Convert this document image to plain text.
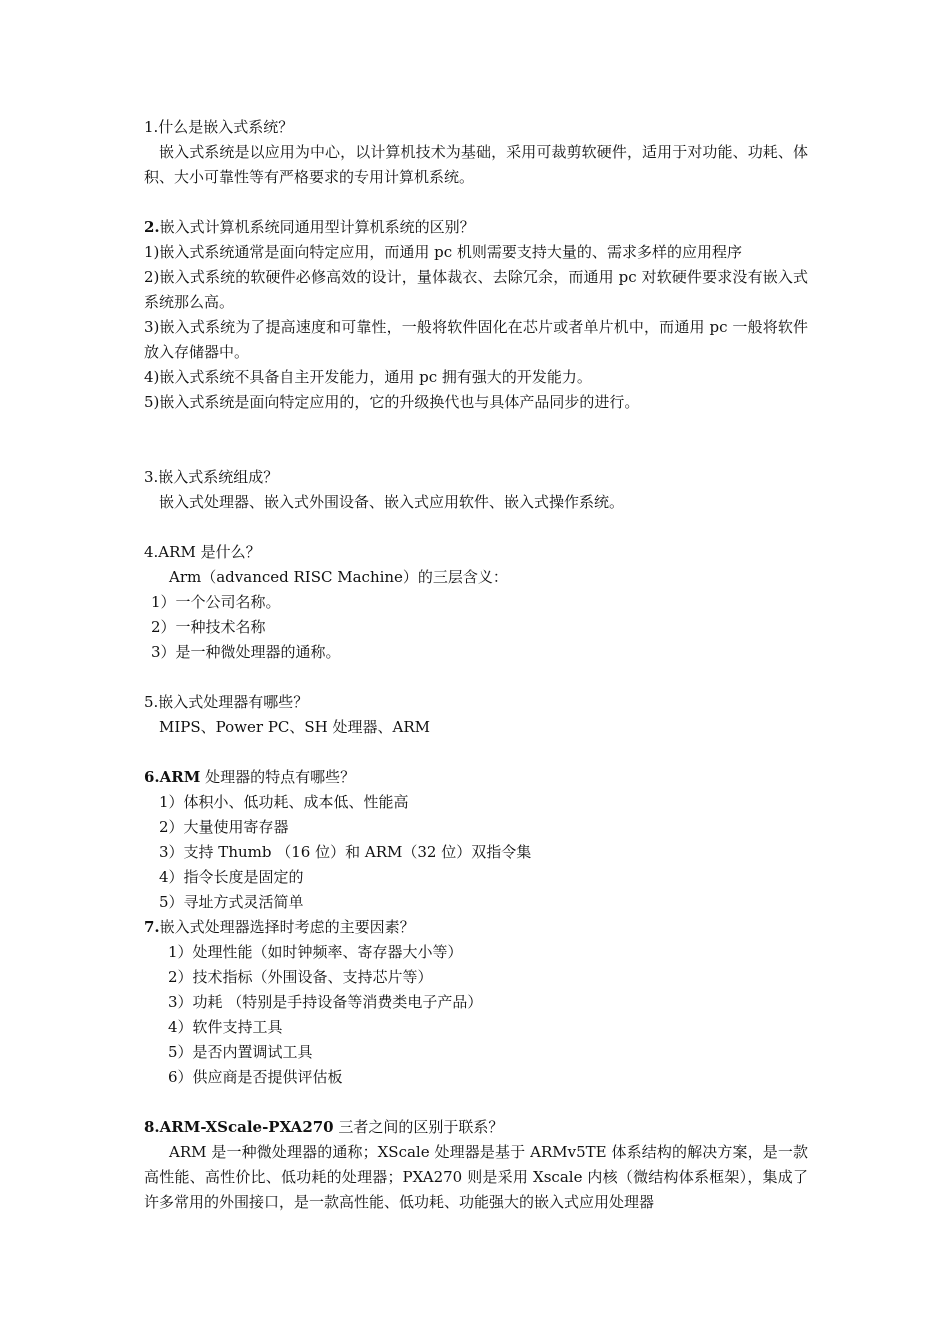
1.什么是嵌入式系统？
嵌入式系统是以应用为中心，以计算机技术为基础，采用可裁剪软硬件，适用于对功能、功耗、体积、大小可靠性等有严格要求的专用计算机系统。
2.嵌入式计算机系统同通用型计算机系统的区别？
1)嵌入式系统通常是面向特定应用，而通用 pc 机则需要支持大量的、需求多样的应用程序
2)嵌入式系统的软硬件必修高效的设计，量体裁衣、去除冗余，而通用 pc 对软硬件要求没有嵌入式系统那么高。
3)嵌入式系统为了提高速度和可靠性，一般将软件固化在芯片或者单片机中，而通用 pc 一般将软件放入存储器中。
4)嵌入式系统不具备自主开发能力，通用 pc 拥有强大的开发能力。
5)嵌入式系统是面向特定应用的，它的升级换代也与具体产品同步的进行。
3.嵌入式系统组成？
嵌入式处理器、嵌入式外围设备、嵌入式应用软件、嵌入式操作系统。
4.ARM 是什么？
Arm（advanced RISC Machine）的三层含义：
1）一个公司名称。
2）一种技术名称
3）是一种微处理器的通称。
5.嵌入式处理器有哪些？
MIPS、Power PC、SH 处理器、ARM
6.ARM 处理器的特点有哪些？
1）体积小、低功耗、成本低、性能高
2）大量使用寄存器
3）支持 Thumb （16 位）和 ARM（32 位）双指令集
4）指令长度是固定的
5）寻址方式灵活简单
7.嵌入式处理器选择时考虑的主要因素？
1）处理性能（如时钟频率、寄存器大小等）
2）技术指标（外围设备、支持芯片等）
3）功耗 （特别是手持设备等消费类电子产品）
4）软件支持工具
5）是否内置调试工具
6）供应商是否提供评估板
8.ARM-XScale-PXA270 三者之间的区别于联系？
ARM 是一种微处理器的通称；XScale 处理器是基于 ARMv5TE 体系结构的解决方案，是一款高性能、高性价比、低功耗的处理器；PXA270 则是采用 Xscale 内核（微结构体系框架），集成了许多常用的外围接口，是一款高性能、低功耗、功能强大的嵌入式应用处理器
